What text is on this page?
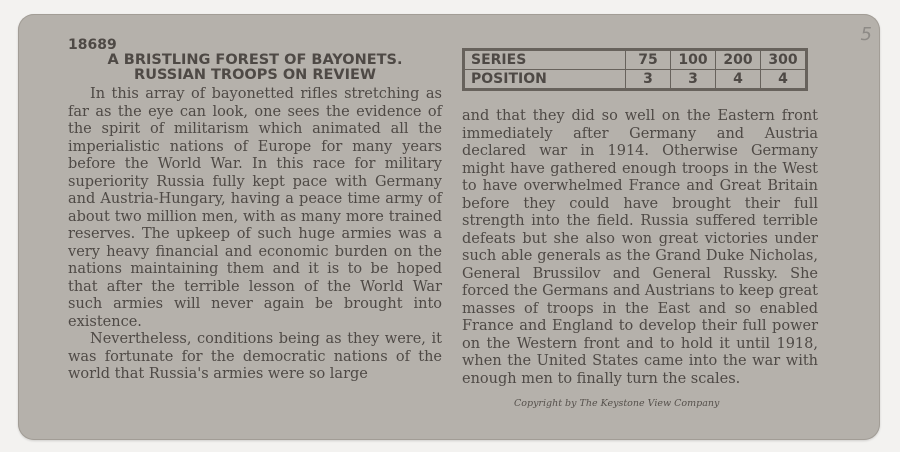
5

18689

A BRISTLING FOREST OF BAYONETS.

RUSSIAN TROOPS ON REVIEW

In this array of bayonetted rifles stretching as far as the eye can look, one sees the evidence of the spirit of militarism which animated all the imperialistic nations of Europe for many years before the World War. In this race for military superiority Russia fully kept pace with Germany and Austria-Hungary, having a peace time army of about two million men, with as many more trained reserves. The upkeep of such huge armies was a very heavy financial and economic burden on the nations maintaining them and it is to be hoped that after the terrible lesson of the World War such armies will never again be brought into existence.

Nevertheless, conditions being as they were, it was fortunate for the democratic nations of the world that Russia's armies were so large

SERIES	75	100	200	300
POSITION	3	3	4	4

and that they did so well on the Eastern front immediately after Germany and Austria declared war in 1914. Otherwise Germany might have gathered enough troops in the West to have overwhelmed France and Great Britain before they could have brought their full strength into the field. Russia suffered terrible defeats but she also won great victories under such able generals as the Grand Duke Nicholas, General Brussilov and General Russky. She forced the Germans and Austrians to keep great masses of troops in the East and so enabled France and England to develop their full power on the Western front and to hold it until 1918, when the United States came into the war with enough men to finally turn the scales.

Copyright by The Keystone View Company
